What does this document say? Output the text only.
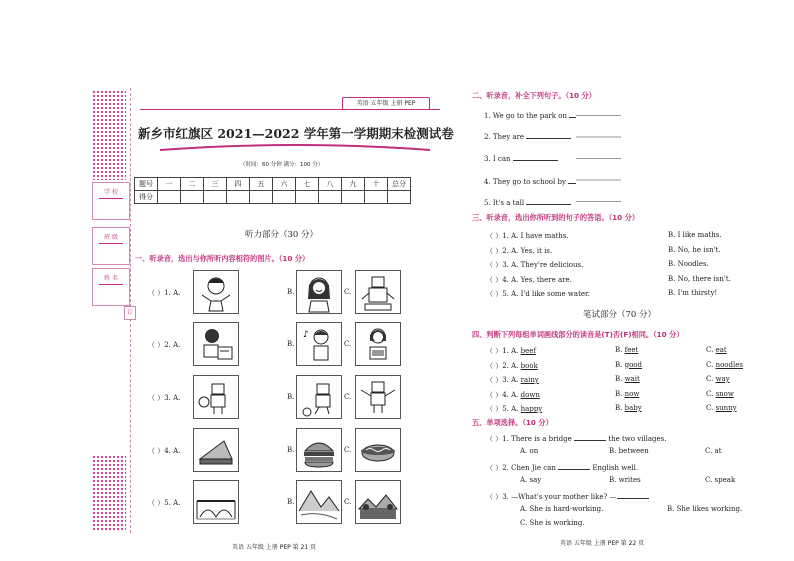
订
学 校
班 级
姓 名
英语 五年级 上册 PEP
新乡市红旗区 2021—2022 学年第一学期期末检测试卷
（时间：60 分钟 满分：100 分）
题号	一	二	三	四	五	六	七	八	九	十	总分
得分											
听力部分（30 分）
一、听录音，选出与你所听内容相符的图片。（10 分）
（ ）1. A.	B.	C.
（ ）2. A.	B.	C.
♪
（ ）3. A.	B.	C.
（ ）4. A.	B.	C.
（ ）5. A.	B.	C.
英语 五年级 上册 PEP 第 21 页
二、听录音，补全下列句子。（10 分）
1. We go to the park on
2. They are
3. I can
4. They go to school by
5. It's a tall
三、听录音，选出你所听到的句子的答语。（10 分）
（ ）1. A. I have maths.	B. I like maths.
（ ）2. A. Yes, it is.	B. No, he isn't.
（ ）3. A. They're delicious.	B. Noodles.
（ ）4. A. Yes, there are.	B. No, there isn't.
（ ）5. A. I'd like some water.	B. I'm thirsty!
笔试部分（70 分）
四、判断下列每组单词画线部分的读音是(T)否(F)相同。（10 分）
（ ）1. A. beef	B. feet	C. eat
（ ）2. A. book	B. good	C. noodles
（ ）3. A. rainy	B. wait	C. way
（ ）4. A. down	B. now	C. snow
（ ）5. A. happy	B. baby	C. sunny
五、单项选择。（10 分）
（ ）1. There is a bridge	the two villages.
A. on	B. between	C. at
（ ）2. Chen Jie can	English well.
A. say	B. writes	C. speak
（ ）3. —What's your mother like? —
A. She is hard-working.	B. She likes working.
C. She is working.
英语 五年级 上册 PEP 第 22 页
